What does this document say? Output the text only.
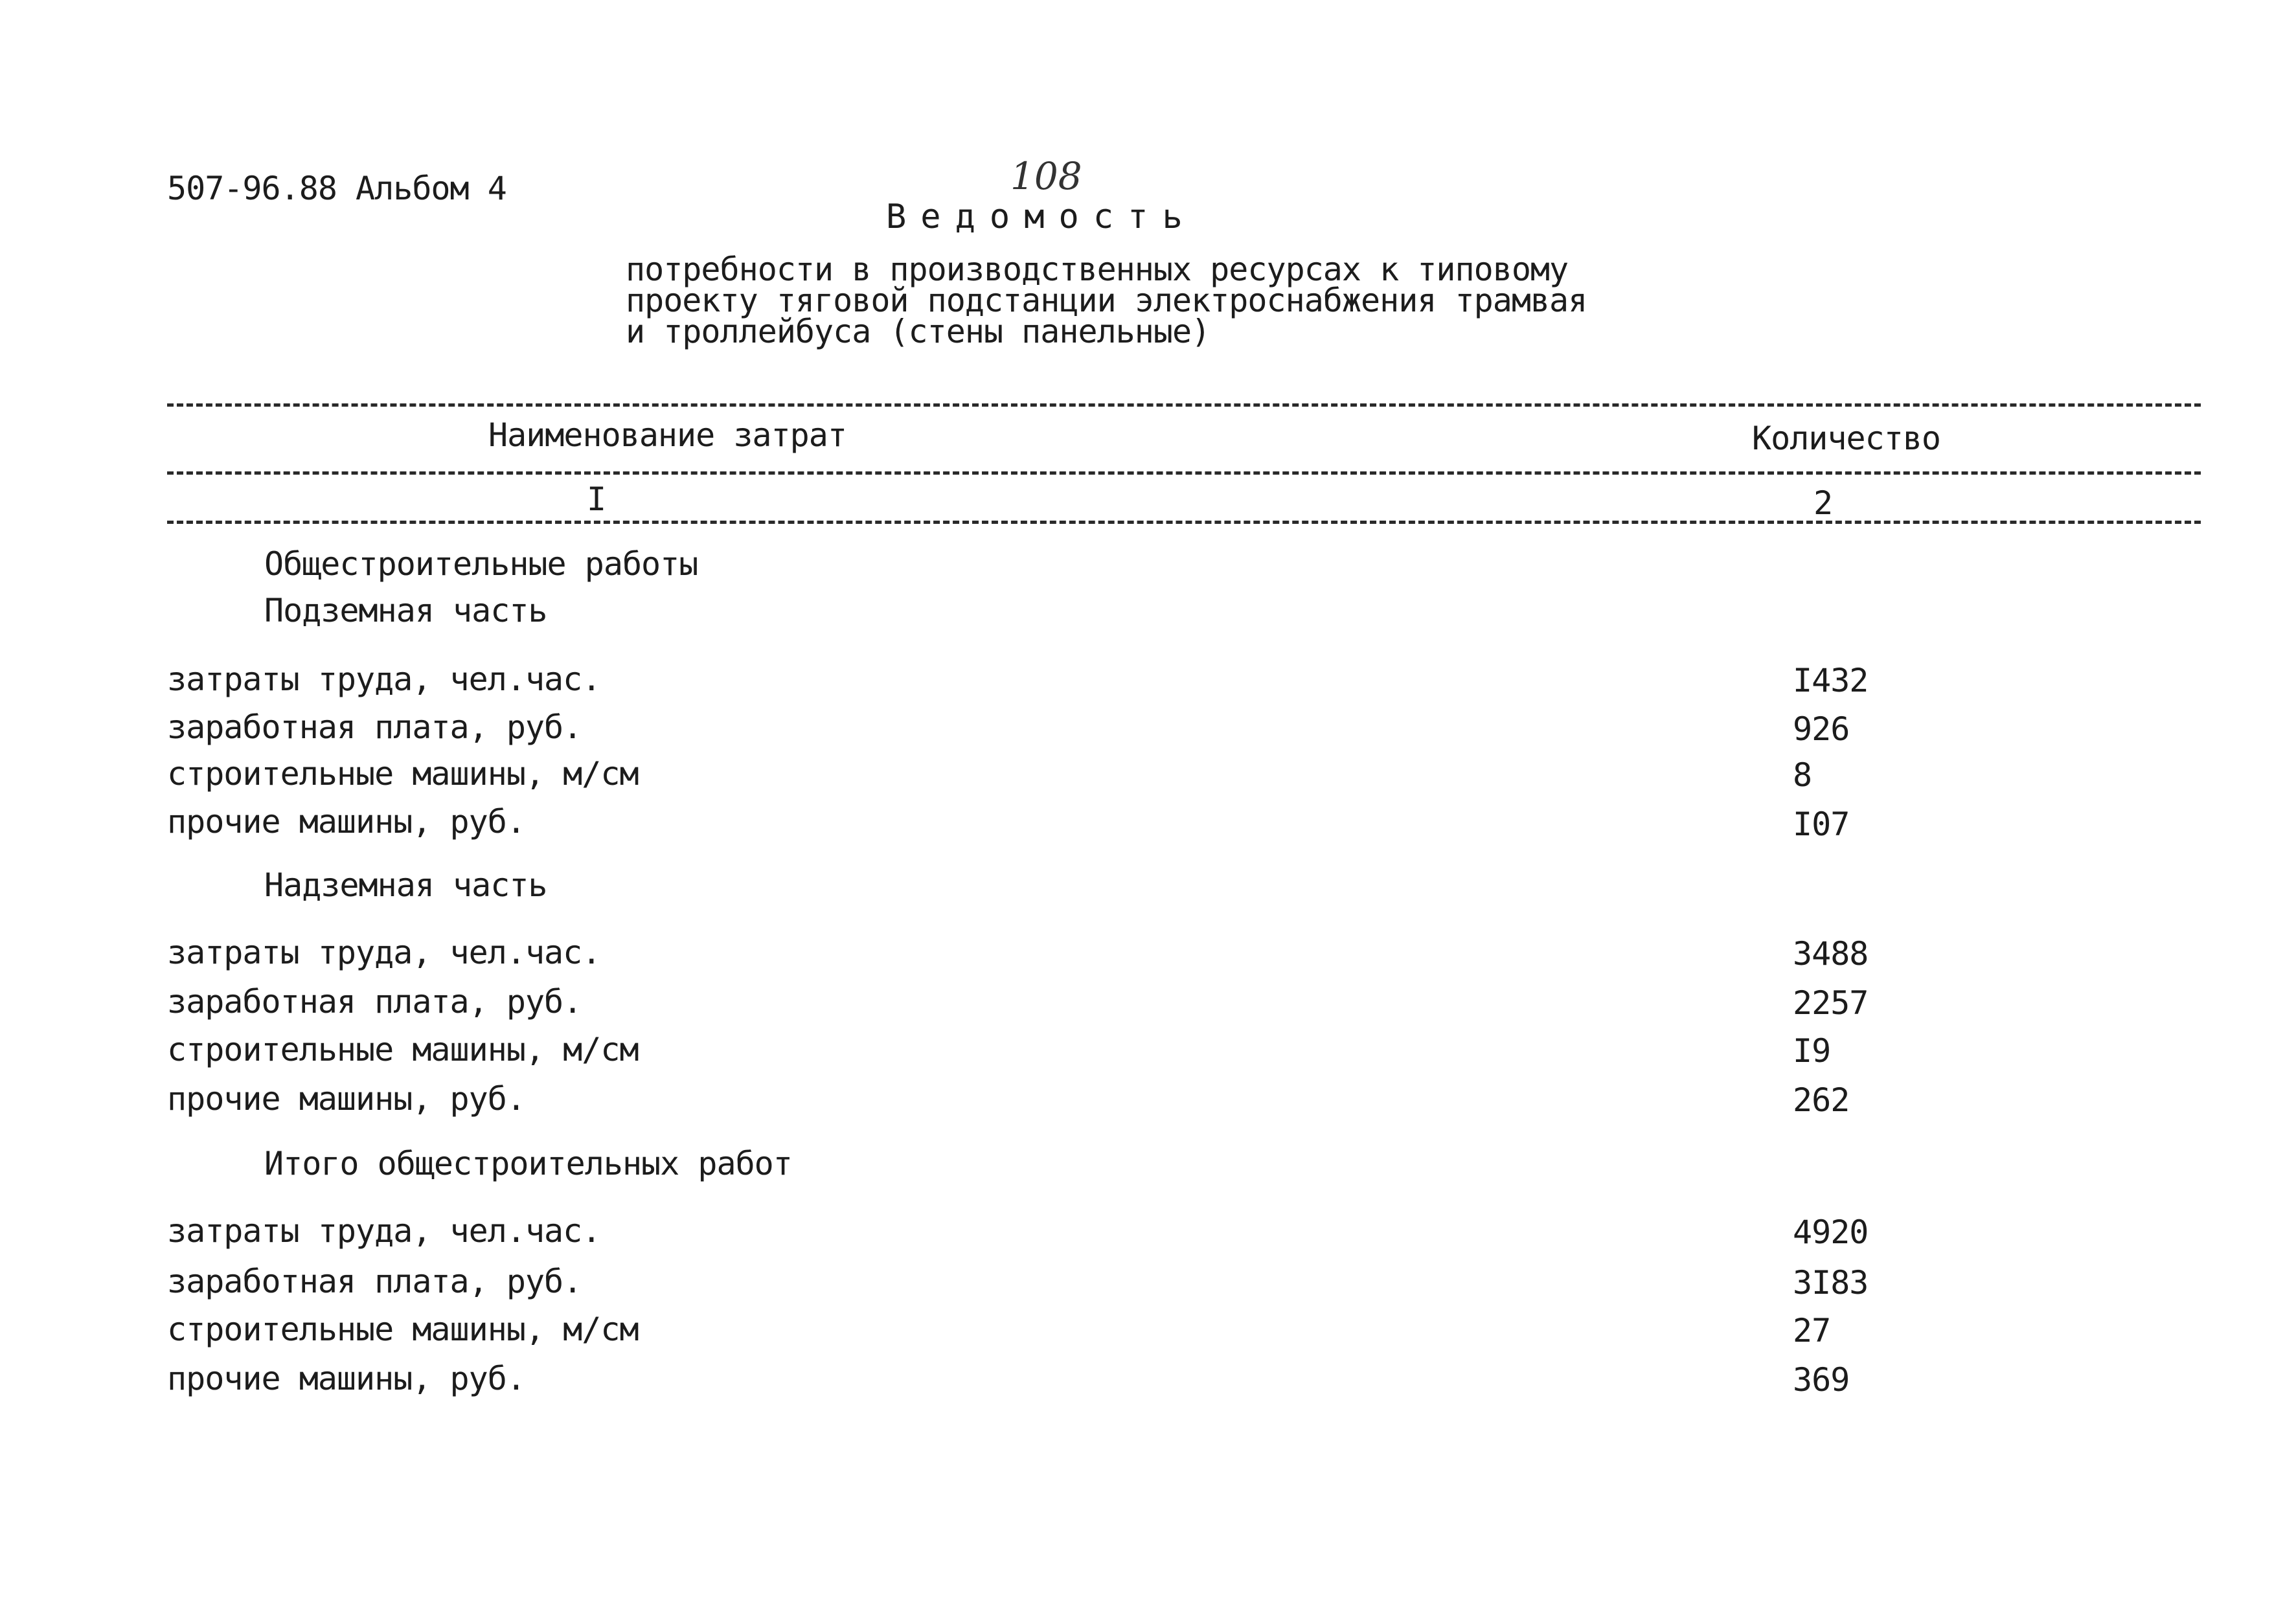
507-96.88 Альбом 4	108
Ведомость
потребности в производственных ресурсах к типовому
проекту тяговой подстанции электроснабжения трамвая
и троллейбуса (стены панельные)
Наименование затрат	Количество
I	2
Общестроительные работы
Подземная часть
затраты труда, чел.час.	I432
заработная плата, руб.	926
строительные машины, м/см	8
прочие машины, руб.	I07
Надземная часть
затраты труда, чел.час.	3488
заработная плата, руб.	2257
строительные машины, м/см	I9
прочие машины, руб.	262
Итого общестроительных работ
затраты труда, чел.час.	4920
заработная плата, руб.	3I83
строительные машины, м/см	27
прочие машины, руб.	369
